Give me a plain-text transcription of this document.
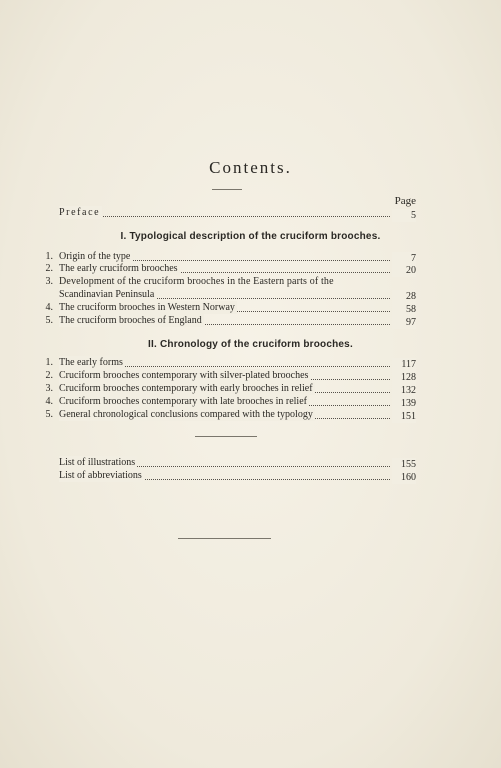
Contents.
Page
Preface	5
I. Typological description of the cruciform brooches.
1. Origin of the type	7
2. The early cruciform brooches	20
3. Development of the cruciform brooches in the Eastern parts of the
Scandinavian Peninsula	28
4. The cruciform brooches in Western Norway	58
5. The cruciform brooches of England	97
II. Chronology of the cruciform brooches.
1. The early forms	117
2. Cruciform brooches contemporary with silver-plated brooches	128
3. Cruciform brooches contemporary with early brooches in relief	132
4. Cruciform brooches contemporary with late brooches in relief	139
5. General chronological conclusions compared with the typology	151
List of illustrations	155
List of abbreviations	160
